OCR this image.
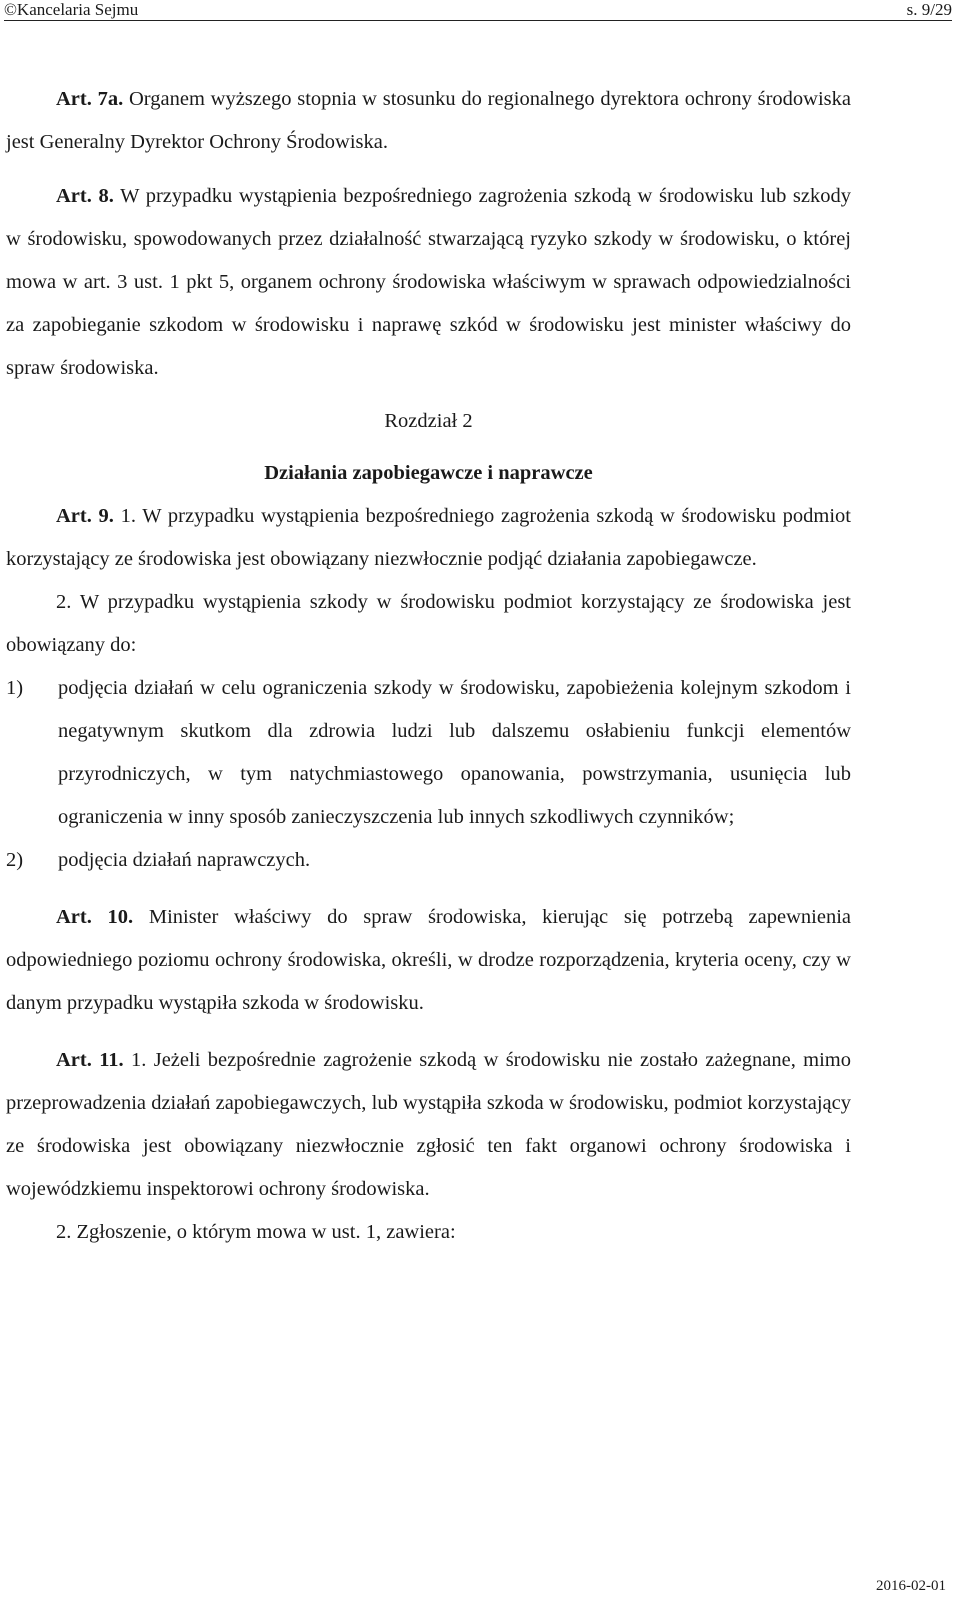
©Kancelaria Sejmu	s. 9/29

Art. 7a. Organem wyższego stopnia w stosunku do regionalnego dyrektora ochrony środowiska jest Generalny Dyrektor Ochrony Środowiska.

Art. 8. W przypadku wystąpienia bezpośredniego zagrożenia szkodą w środowisku lub szkody w środowisku, spowodowanych przez działalność stwarzającą ryzyko szkody w środowisku, o której mowa w art. 3 ust. 1 pkt 5, organem ochrony środowiska właściwym w sprawach odpowiedzialności za zapobieganie szkodom w środowisku i naprawę szkód w środowisku jest minister właściwy do spraw środowiska.

Rozdział 2

Działania zapobiegawcze i naprawcze

Art. 9. 1. W przypadku wystąpienia bezpośredniego zagrożenia szkodą w środowisku podmiot korzystający ze środowiska jest obowiązany niezwłocznie podjąć działania zapobiegawcze.

2. W przypadku wystąpienia szkody w środowisku podmiot korzystający ze środowiska jest obowiązany do:

1) podjęcia działań w celu ograniczenia szkody w środowisku, zapobieżenia kolejnym szkodom i negatywnym skutkom dla zdrowia ludzi lub dalszemu osłabieniu funkcji elementów przyrodniczych, w tym natychmiastowego opanowania, powstrzymania, usunięcia lub ograniczenia w inny sposób zanieczyszczenia lub innych szkodliwych czynników;
2) podjęcia działań naprawczych.

Art. 10. Minister właściwy do spraw środowiska, kierując się potrzebą zapewnienia odpowiedniego poziomu ochrony środowiska, określi, w drodze rozporządzenia, kryteria oceny, czy w danym przypadku wystąpiła szkoda w środowisku.

Art. 11. 1. Jeżeli bezpośrednie zagrożenie szkodą w środowisku nie zostało zażegnane, mimo przeprowadzenia działań zapobiegawczych, lub wystąpiła szkoda w środowisku, podmiot korzystający ze środowiska jest obowiązany niezwłocznie zgłosić ten fakt organowi ochrony środowiska i wojewódzkiemu inspektorowi ochrony środowiska.

2. Zgłoszenie, o którym mowa w ust. 1, zawiera:

2016-02-01
